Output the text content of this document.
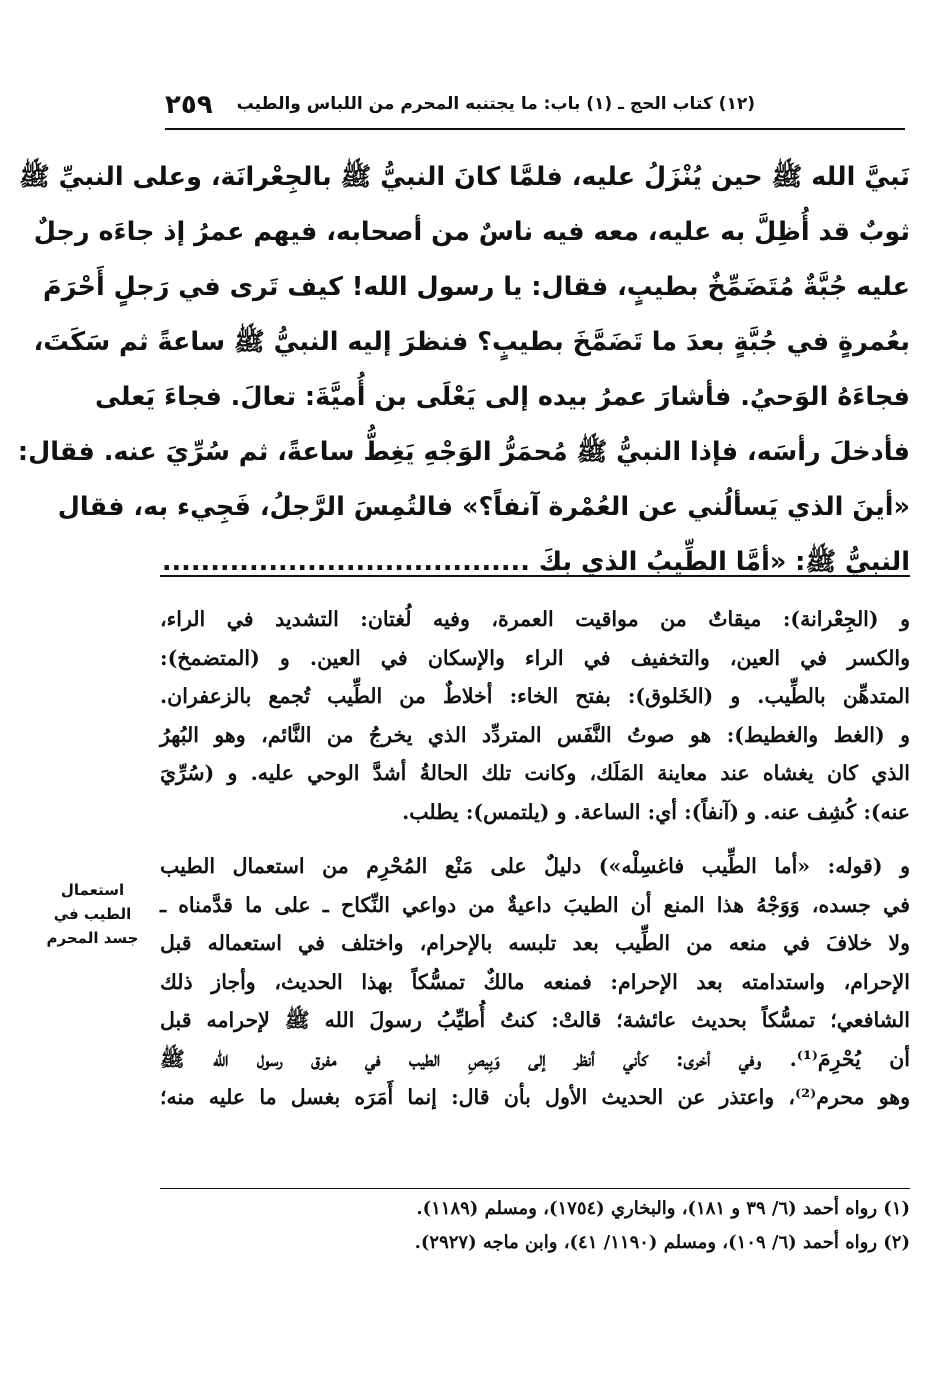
٢٥٩ (١٢) كتاب الحج ـ (١) باب: ما يجتنبه المحرم من اللباس والطيب
نَبيَّ الله ﷺ حين يُنْزَلُ عليه، فلمَّا كانَ النبيُّ ﷺ بالجِعْرانَة، وعلى النبيِّ ﷺ
ثوبٌ قد أُظِلَّ به عليه، معه فيه ناسٌ من أصحابه، فيهم عمرُ إذ جاءَه رجلٌ
عليه جُبَّةٌ مُتَضَمِّخٌ بطيبٍ، فقال: يا رسول الله! كيف تَرى في رَجلٍ أَحْرَمَ
بعُمرةٍ في جُبَّةٍ بعدَ ما تَضَمَّخَ بطيبٍ؟ فنظرَ إليه النبيُّ ﷺ ساعةً ثم سَكَتَ،
فجاءَهُ الوَحيُ. فأشارَ عمرُ بيده إلى يَعْلَى بن أُميَّةَ: تعالَ. فجاءَ يَعلى
فأدخلَ رأسَه، فإذا النبيُّ ﷺ مُحمَرُّ الوَجْهِ يَغِطُّ ساعةً، ثم سُرِّيَ عنه. فقال:
«أينَ الذي يَسألُني عن العُمْرة آنفاً؟» فالتُمِسَ الرَّجلُ، فَجِيء به، فقال
النبيُّ ﷺ: «أمَّا الطِّيبُ الذي بكَ ......................................
و (الجِعْرانة): ميقاتٌ من مواقيت العمرة، وفيه لُغتان: التشديد في الراء،
والكسر في العين، والتخفيف في الراء والإسكان في العين. و (المتضمخ):
المتدهِّن بالطِّيب. و (الخَلوق): بفتح الخاء: أخلاطٌ من الطِّيب تُجمع بالزعفران.
و (الغط والغطيط): هو صوتُ النَّفَس المتردِّد الذي يخرجُ من النَّائم، وهو البُهرُ
الذي كان يغشاه عند معاينة المَلَك، وكانت تلك الحالةُ أشدَّ الوحي عليه. و (سُرِّيَ
عنه): كُشِف عنه. و (آنفاً): أي: الساعة. و (يلتمس): يطلب.
و (قوله: «أما الطِّيب فاغسِلْه») دليلٌ على مَنْع المُحْرِم من استعمال الطيب
في جسده، وَوَجْهُ هذا المنع أن الطيبَ داعيةٌ من دواعي النِّكاح ـ على ما قدَّمناه ـ
ولا خلافَ في منعه من الطِّيب بعد تلبسه بالإحرام، واختلف في استعماله قبل
الإحرام، واستدامته بعد الإحرام: فمنعه مالكٌ تمسُّكاً بهذا الحديث، وأجاز ذلك
الشافعي؛ تمسُّكاً بحديث عائشة؛ قالتْ: كنتُ أُطيِّبُ رسولَ الله ﷺ لإحرامه قبل
أن يُحْرِمَ⁽¹⁾. وفي أخرى: كأني أنظر إلى وَبِيصِ الطيب في مفرق رسول الله ﷺ
وهو محرم⁽²⁾، واعتذر عن الحديث الأول بأن قال: إنما أَمَرَه بغسل ما عليه منه؛
استعمال
الطيب في
جسد المحرم
(١) رواه أحمد (٦/ ٣٩ و ١٨١)، والبخاري (١٧٥٤)، ومسلم (١١٨٩).
(٢) رواه أحمد (٦/ ١٠٩)، ومسلم (١١٩٠/ ٤١)، وابن ماجه (٢٩٢٧).
